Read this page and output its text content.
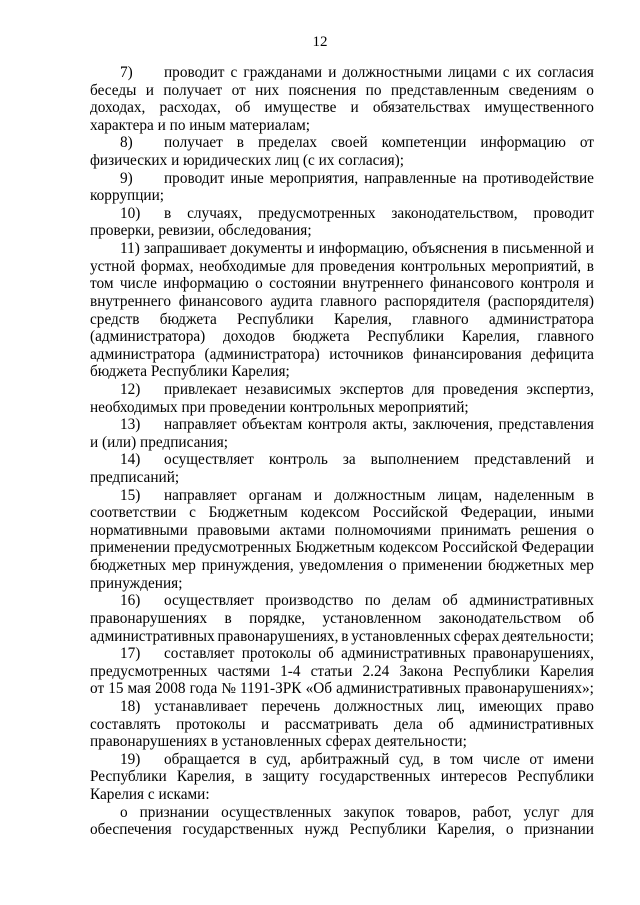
12
7)	проводит с гражданами и должностными лицами с их согласия
беседы и получает от них пояснения по представленным сведениям о
доходах, расходах, об имуществе и обязательствах имущественного
характера и по иным материалам;
8)	получает в пределах своей компетенции информацию от
физических и юридических лиц (с их согласия);
9)	проводит иные мероприятия, направленные на противодействие
коррупции;
10)	в случаях, предусмотренных законодательством, проводит
проверки, ревизии, обследования;
11) запрашивает документы и информацию, объяснения в письменной и
устной формах, необходимые для проведения контрольных мероприятий, в
том числе информацию о состоянии внутреннего финансового контроля и
внутреннего финансового аудита главного распорядителя (распорядителя)
средств бюджета Республики Карелия, главного администратора
(администратора) доходов бюджета Республики Карелия, главного
администратора (администратора) источников финансирования дефицита
бюджета Республики Карелия;
12)	привлекает независимых экспертов для проведения экспертиз,
необходимых при проведении контрольных мероприятий;
13)	направляет объектам контроля акты, заключения, представления
и (или) предписания;
14)	осуществляет контроль за выполнением представлений и
предписаний;
15)	направляет органам и должностным лицам, наделенным в
соответствии с Бюджетным кодексом Российской Федерации, иными
нормативными правовыми актами полномочиями принимать решения о
применении предусмотренных Бюджетным кодексом Российской Федерации
бюджетных мер принуждения, уведомления о применении бюджетных мер
принуждения;
16)	осуществляет производство по делам об административных
правонарушениях в порядке, установленном законодательством об
административных правонарушениях, в установленных сферах деятельности;
17)	составляет протоколы об административных правонарушениях,
предусмотренных частями 1-4 статьи 2.24 Закона Республики Карелия
от 15 мая 2008 года № 1191-ЗРК «Об административных правонарушениях»;
18) устанавливает перечень должностных лиц, имеющих право
составлять протоколы и рассматривать дела об административных
правонарушениях в установленных сферах деятельности;
19)	обращается в суд, арбитражный суд, в том числе от имени
Республики Карелия, в защиту государственных интересов Республики
Карелия с исками:
о признании осуществленных закупок товаров, работ, услуг для
обеспечения государственных нужд Республики Карелия, о признании
